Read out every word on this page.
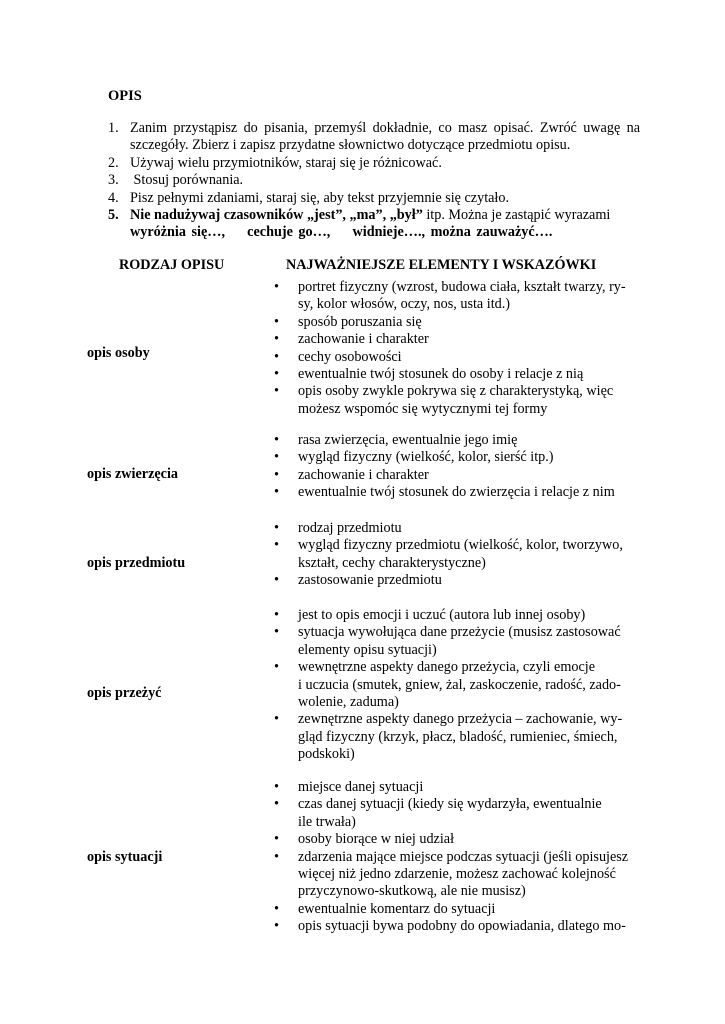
OPIS
1. Zanim przystąpisz do pisania, przemyśl dokładnie, co masz opisać. Zwróć uwagę na szczegóły. Zbierz i zapisz przydatne słownictwo dotyczące przedmiotu opisu.
2. Używaj wielu przymiotników, staraj się je różnicować.
3. Stosuj porównania.
4. Pisz pełnymi zdaniami, staraj się, aby tekst przyjemnie się czytało.
5. Nie nadużywaj czasowników „jest”, „ma”, „był” itp. Można je zastąpić wyrazami
wyróżnia się…,    cechuje go…,    widnieje…., można zauważyć….
RODZAJ OPISU	NAJWAŻNIEJSZE ELEMENTY I WSKAZÓWKI
opis osoby
•	portret fizyczny (wzrost, budowa ciała, kształt twarzy, ry-
sy, kolor włosów, oczy, nos, usta itd.)
•	sposób poruszania się
•	zachowanie i charakter
•	cechy osobowości
•	ewentualnie twój stosunek do osoby i relacje z nią
•	opis osoby zwykle pokrywa się z charakterystyką, więc
możesz wspomóc się wytycznymi tej formy
opis zwierzęcia
•	rasa zwierzęcia, ewentualnie jego imię
•	wygląd fizyczny (wielkość, kolor, sierść itp.)
•	zachowanie i charakter
•	ewentualnie twój stosunek do zwierzęcia i relacje z nim
opis przedmiotu
•	rodzaj przedmiotu
•	wygląd fizyczny przedmiotu (wielkość, kolor, tworzywo,
kształt, cechy charakterystyczne)
•	zastosowanie przedmiotu
opis przeżyć
•	jest to opis emocji i uczuć (autora lub innej osoby)
•	sytuacja wywołująca dane przeżycie (musisz zastosować
elementy opisu sytuacji)
•	wewnętrzne aspekty danego przeżycia, czyli emocje
i uczucia (smutek, gniew, żal, zaskoczenie, radość, zado-
wolenie, zaduma)
•	zewnętrzne aspekty danego przeżycia – zachowanie, wy-
gląd fizyczny (krzyk, płacz, bladość, rumieniec, śmiech,
podskoki)
opis sytuacji
•	miejsce danej sytuacji
•	czas danej sytuacji (kiedy się wydarzyła, ewentualnie
ile trwała)
•	osoby biorące w niej udział
•	zdarzenia mające miejsce podczas sytuacji (jeśli opisujesz
więcej niż jedno zdarzenie, możesz zachować kolejność
przyczynowo-skutkową, ale nie musisz)
•	ewentualnie komentarz do sytuacji
•	opis sytuacji bywa podobny do opowiadania, dlatego mo-
